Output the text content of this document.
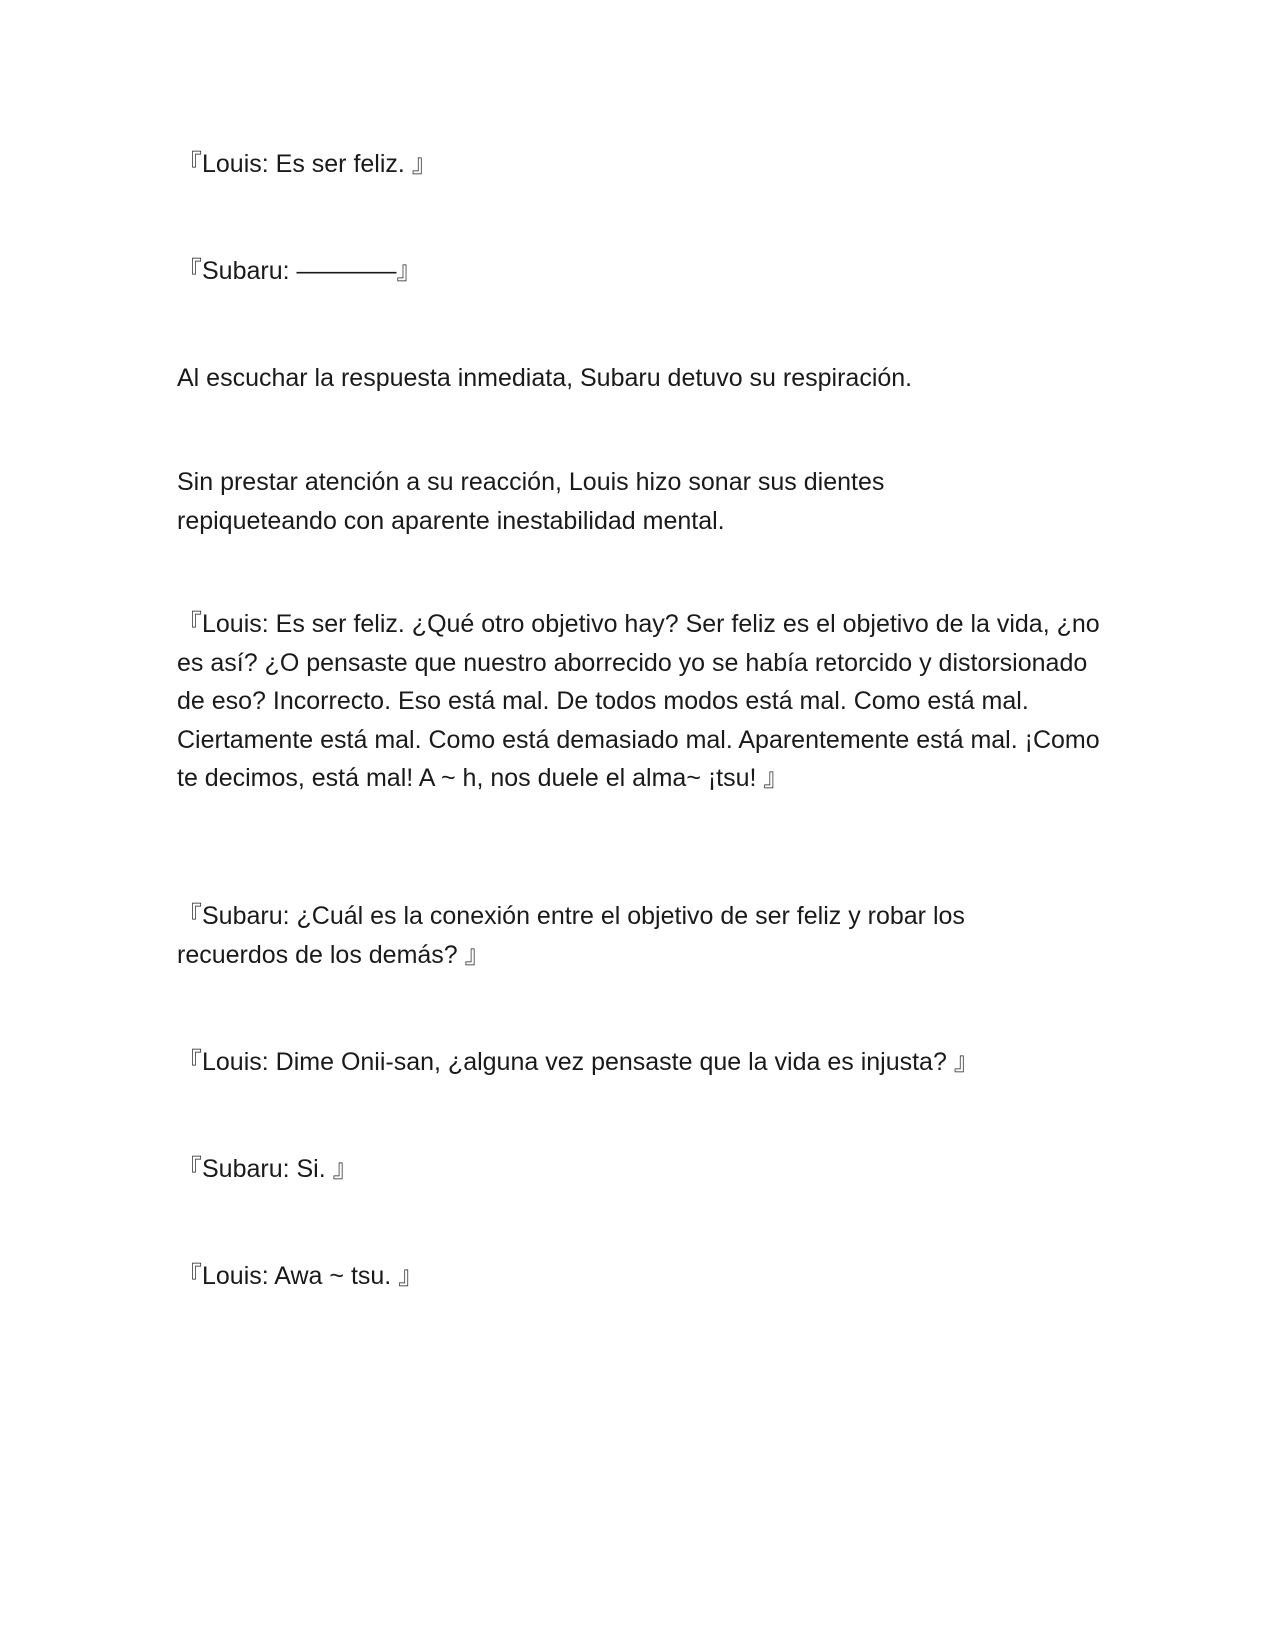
『Louis: Es ser feliz. 』

『Subaru: ————』

Al escuchar la respuesta inmediata, Subaru detuvo su respiración.

Sin prestar atención a su reacción, Louis hizo sonar sus dientes repiqueteando con aparente inestabilidad mental.

『Louis: Es ser feliz. ¿Qué otro objetivo hay? Ser feliz es el objetivo de la vida, ¿no es así? ¿O pensaste que nuestro aborrecido yo se había retorcido y distorsionado de eso? Incorrecto. Eso está mal. De todos modos está mal. Como está mal. Ciertamente está mal. Como está demasiado mal. Aparentemente está mal. ¡Como te decimos, está mal! A ~ h, nos duele el alma~ ¡tsu! 』

『Subaru: ¿Cuál es la conexión entre el objetivo de ser feliz y robar los recuerdos de los demás? 』

『Louis: Dime Onii-san, ¿alguna vez pensaste que la vida es injusta? 』

『Subaru: Si. 』

『Louis: Awa ~ tsu. 』
